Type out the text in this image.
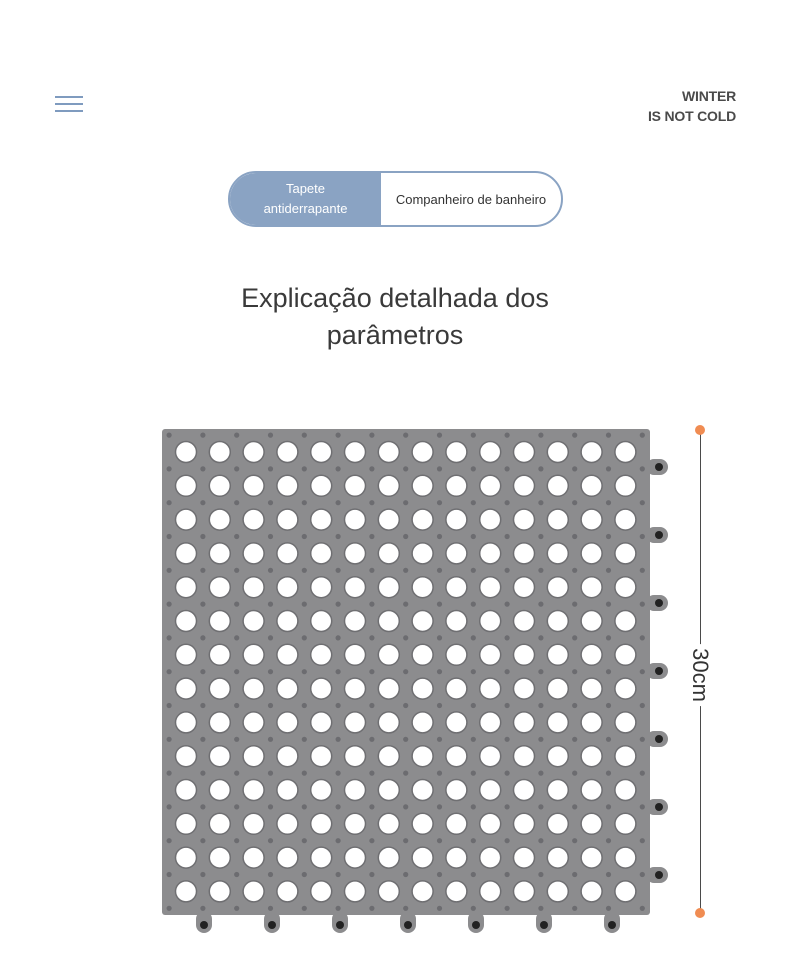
WINTER
IS NOT COLD
Tapete
antiderrapante
Companheiro de banheiro
Explicação detalhada dos
parâmetros
30cm
